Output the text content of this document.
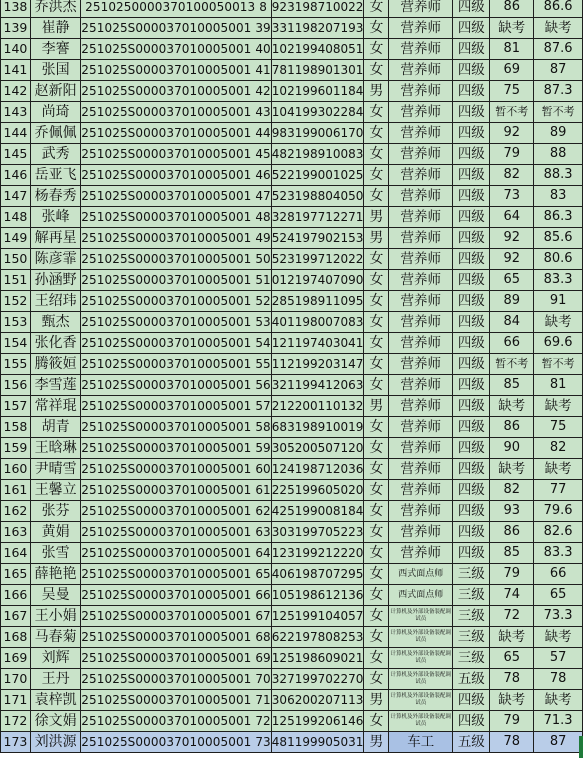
138	乔洪杰	2510250000370100050013 8	923198710022	女	营养师	四级	86	86.6
139	崔静	251025S000037010005001 39	331198207193	女	营养师	四级	缺考	缺考
140	李謇	251025S000037010005001 40	102199408051	女	营养师	四级	81	87.6
141	张国	251025S000037010005001 41	781198901301	女	营养师	四级	69	87
142	赵新阳	251025S000037010005001 42	102199601184	男	营养师	四级	75	87.3
143	尚琦	251025S000037010005001 43	104199302284	女	营养师	四级	暂不考	暂不考
144	乔佩佩	251025S000037010005001 44	983199006170	女	营养师	四级	92	89
145	武秀	251025S000037010005001 45	482198910083	女	营养师	四级	79	88
146	岳亚飞	251025S000037010005001 46	522199001025	女	营养师	四级	82	88.3
147	杨春秀	251025S000037010005001 47	523198804050	女	营养师	四级	73	83
148	张峰	251025S000037010005001 48	328197712271	男	营养师	四级	64	86.3
149	解再星	251025S000037010005001 49	524197902153	男	营养师	四级	92	85.6
150	陈彦霏	251025S000037010005001 50	523199712022	女	营养师	四级	92	80.6
151	孙涵野	251025S000037010005001 51	012197407090	女	营养师	四级	65	83.3
152	王绍玮	251025S000037010005001 52	285198911095	女	营养师	四级	89	91
153	甄杰	251025S000037010005001 53	401198007083	女	营养师	四级	84	缺考
154	张化香	251025S000037010005001 54	121197403041	女	营养师	四级	66	69.6
155	腾筱姮	251025S000037010005001 55	112199203147	女	营养师	四级	暂不考	暂不考
156	李雪莲	251025S000037010005001 56	321199412063	女	营养师	四级	85	81
157	常祥琨	251025S000037010005001 57	212200110132	男	营养师	四级	缺考	缺考
158	胡青	251025S000037010005001 58	683198910019	女	营养师	四级	86	75
159	王晗琳	251025S000037010005001 59	305200507120	女	营养师	四级	90	82
160	尹晴雪	251025S000037010005001 60	124198712036	女	营养师	四级	缺考	缺考
161	王馨立	251025S000037010005001 61	225199605020	女	营养师	四级	82	77
162	张芬	251025S000037010005001 62	425199008184	女	营养师	四级	93	79.6
163	黄娟	251025S000037010005001 63	303199705223	女	营养师	四级	86	82.6
164	张雪	251025S000037010005001 64	123199212220	女	营养师	四级	85	83.3
165	薛艳艳	251025S000037010005001 65	406198707295	女	西式面点师	三级	79	66
166	吴曼	251025S000037010005001 66	105198612136	女	西式面点师	三级	74	65
167	王小娟	251025S000037010005001 67	125199104057	女	计算机及外部设备装配调试员	三级	72	73.3
168	马春菊	251025S000037010005001 68	622197808253	女	计算机及外部设备装配调试员	三级	缺考	缺考
169	刘辉	251025S000037010005001 69	125198609021	女	计算机及外部设备装配调试员	三级	65	57
170	王丹	251025S000037010005001 70	327199702270	女	计算机及外部设备装配调试员	五级	78	78
171	袁梓凯	251025S000037010005001 71	306200207113	男	计算机及外部设备装配调试员	四级	缺考	缺考
172	徐文娟	251025S000037010005001 72	125199206146	女	计算机及外部设备装配调试员	四级	79	71.3
173	刘洪源	251025S000037010005001 73	481199905031	男	车工	五级	78	87
